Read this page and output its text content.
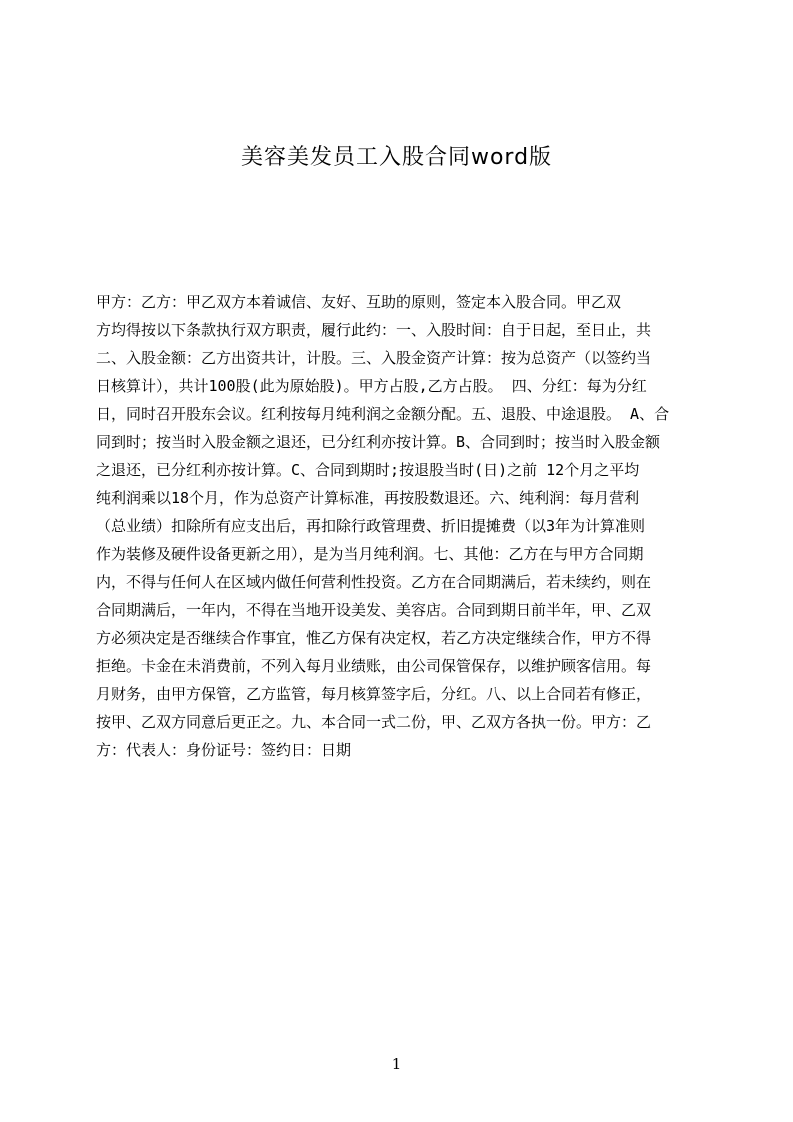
美容美发员工入股合同word版
甲方：乙方：甲乙双方本着诚信、友好、互助的原则，签定本入股合同。甲乙双
方均得按以下条款执行双方职责，履行此约：一、入股时间：自于日起，至日止，共
二、入股金额：乙方出资共计，计股。三、入股金资产计算：按为总资产（以签约当
日核算计），共计100股(此为原始股)。甲方占股,乙方占股。 四、分红：每为分红
日，同时召开股东会议。红利按每月纯利润之金额分配。五、退股、中途退股。 A、合
同到时；按当时入股金额之退还，已分红利亦按计算。B、合同到时；按当时入股金额
之退还，已分红利亦按计算。C、合同到期时;按退股当时(日)之前 12个月之平均
纯利润乘以18个月，作为总资产计算标准，再按股数退还。六、纯利润：每月营利
（总业绩）扣除所有应支出后，再扣除行政管理费、折旧提摊费（以3年为计算准则
作为装修及硬件设备更新之用），是为当月纯利润。七、其他：乙方在与甲方合同期
内，不得与任何人在区域内做任何营利性投资。乙方在合同期满后，若未续约，则在
合同期满后，一年内，不得在当地开设美发、美容店。合同到期日前半年，甲、乙双
方必须决定是否继续合作事宜，惟乙方保有决定权，若乙方决定继续合作，甲方不得
拒绝。卡金在未消费前，不列入每月业绩账，由公司保管保存，以维护顾客信用。每
月财务，由甲方保管，乙方监管，每月核算签字后，分红。八、以上合同若有修正，
按甲、乙双方同意后更正之。九、本合同一式二份，甲、乙双方各执一份。甲方：乙
方：代表人：身份证号：签约日：日期
1
